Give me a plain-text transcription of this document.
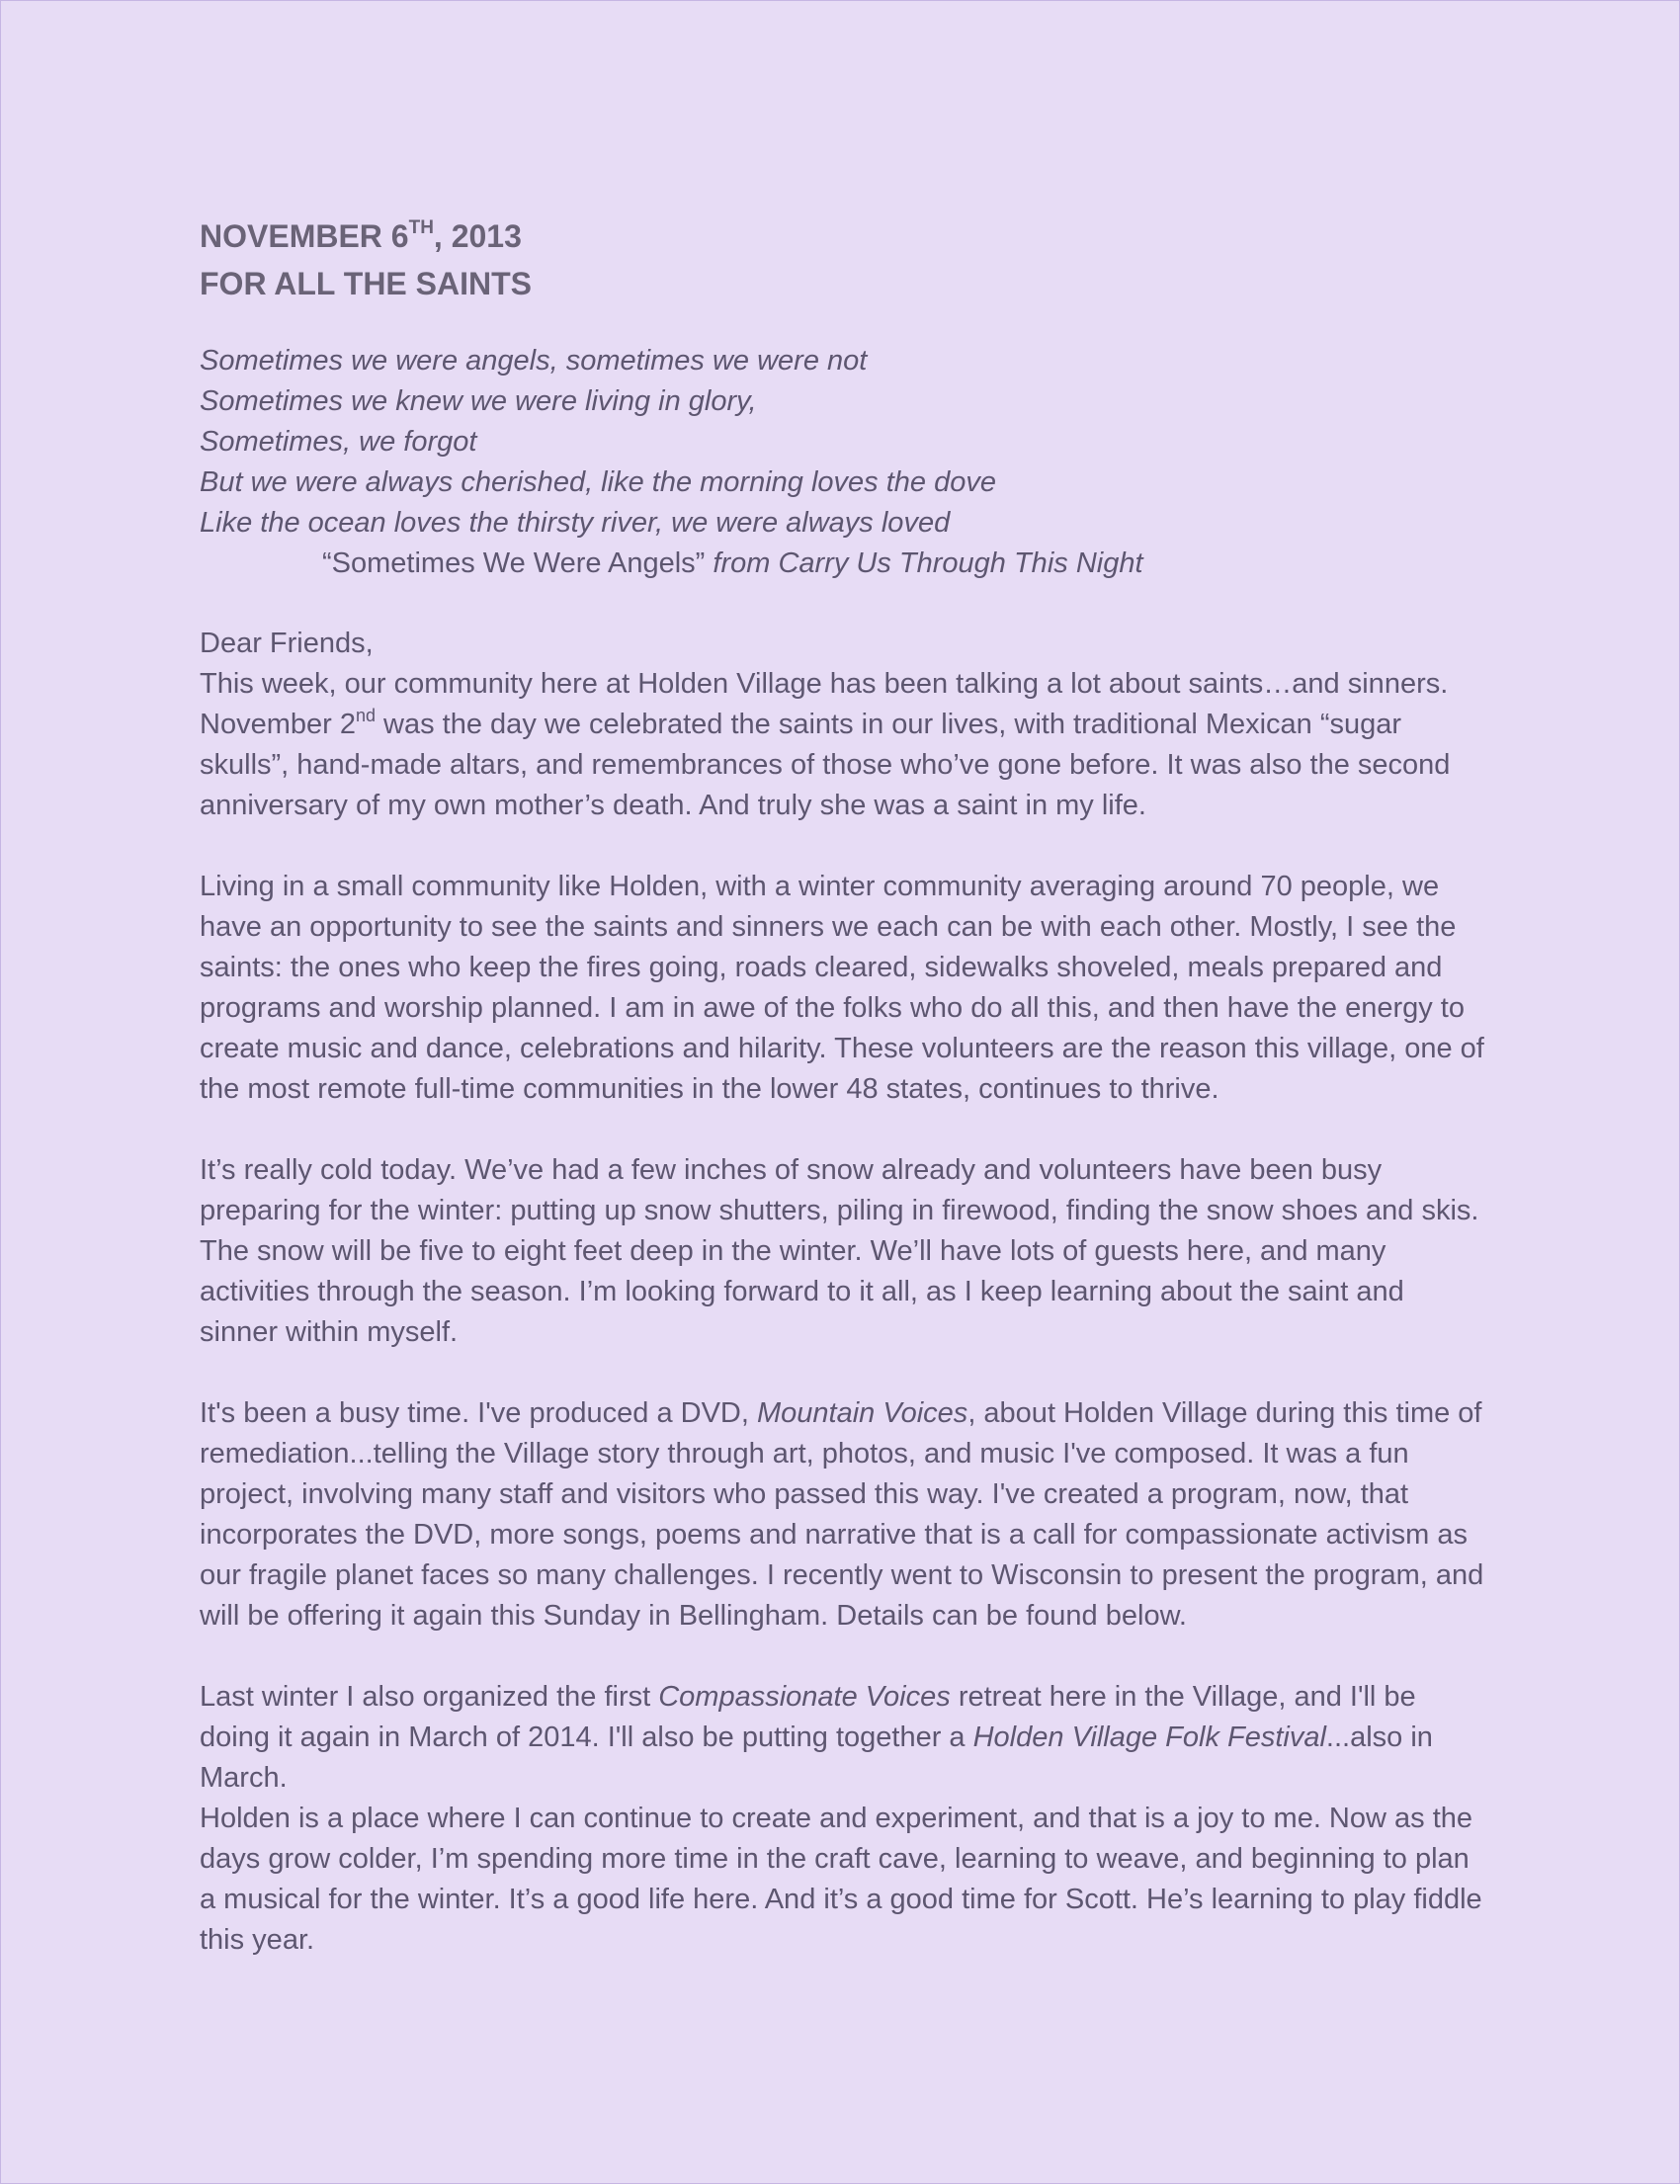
NOVEMBER 6TH, 2013
FOR ALL THE SAINTS
Sometimes we were angels, sometimes we were not
Sometimes we knew we were living in glory,
Sometimes, we forgot
But we were always cherished, like the morning loves the dove
Like the ocean loves the thirsty river, we were always loved
“Sometimes We Were Angels” from Carry Us Through This Night

Dear Friends,

This week, our community here at Holden Village has been talking a lot about saints…and sinners. November 2nd was the day we celebrated the saints in our lives, with traditional Mexican “sugar skulls”, hand-made altars, and remembrances of those who’ve gone before. It was also the second anniversary of my own mother’s death. And truly she was a saint in my life.

Living in a small community like Holden, with a winter community averaging around 70 people, we have an opportunity to see the saints and sinners we each can be with each other. Mostly, I see the saints: the ones who keep the fires going, roads cleared, sidewalks shoveled, meals prepared and programs and worship planned. I am in awe of the folks who do all this, and then have the energy to create music and dance, celebrations and hilarity. These volunteers are the reason this village, one of the most remote full-time communities in the lower 48 states, continues to thrive.

It’s really cold today. We’ve had a few inches of snow already and volunteers have been busy preparing for the winter: putting up snow shutters, piling in firewood, finding the snow shoes and skis. The snow will be five to eight feet deep in the winter. We’ll have lots of guests here, and many activities through the season. I’m looking forward to it all, as I keep learning about the saint and sinner within myself.

It's been a busy time. I've produced a DVD, Mountain Voices, about Holden Village during this time of remediation...telling the Village story through art, photos, and music I've composed. It was a fun project, involving many staff and visitors who passed this way. I've created a program, now, that incorporates the DVD, more songs, poems and narrative that is a call for compassionate activism as our fragile planet faces so many challenges. I recently went to Wisconsin to present the program, and will be offering it again this Sunday in Bellingham. Details can be found below.

Last winter I also organized the first Compassionate Voices retreat here in the Village, and I'll be doing it again in March of 2014. I'll also be putting together a Holden Village Folk Festival...also in March.

Holden is a place where I can continue to create and experiment, and that is a joy to me. Now as the days grow colder, I’m spending more time in the craft cave, learning to weave, and beginning to plan a musical for the winter. It’s a good life here. And it’s a good time for Scott. He’s learning to play fiddle this year.
